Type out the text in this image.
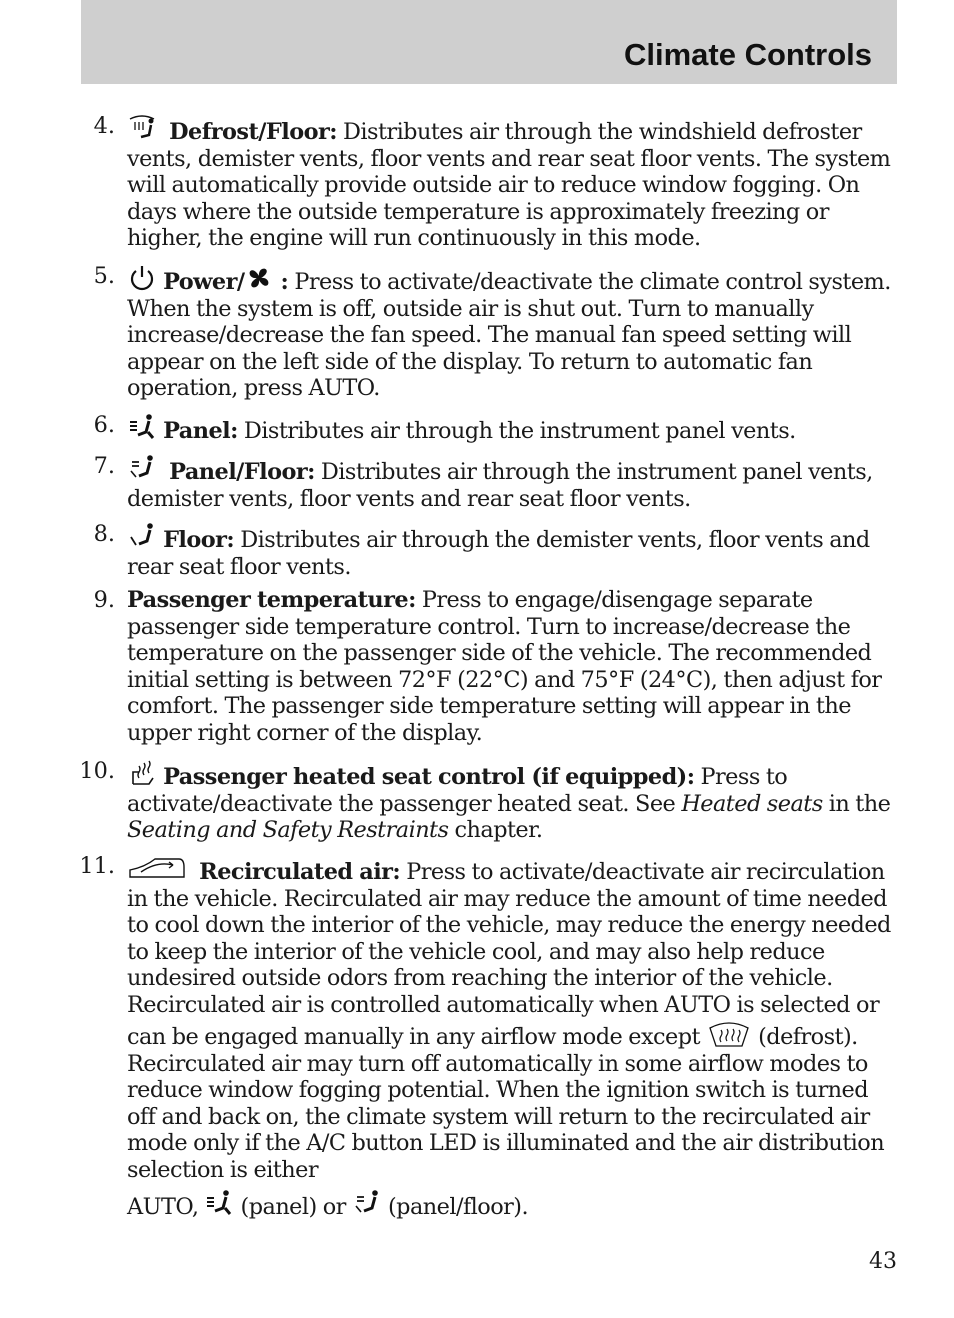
Climate Controls
4.	Defrost/Floor: Distributes air through the windshield defroster vents, demister vents, floor vents and rear seat floor vents. The system will automatically provide outside air to reduce window fogging. On days where the outside temperature is approximately freezing or higher, the engine will run continuously in this mode.

5.	Power/ : Press to activate/deactivate the climate control system. When the system is off, outside air is shut out. Turn to manually increase/decrease the fan speed. The manual fan speed setting will appear on the left side of the display. To return to automatic fan operation, press AUTO.

6.	Panel: Distributes air through the instrument panel vents.

7.	Panel/Floor: Distributes air through the instrument panel vents, demister vents, floor vents and rear seat floor vents.

8.	Floor: Distributes air through the demister vents, floor vents and rear seat floor vents.

9. Passenger temperature: Press to engage/disengage separate passenger side temperature control. Turn to increase/decrease the temperature on the passenger side of the vehicle. The recommended initial setting is between 72°F (22°C) and 75°F (24°C), then adjust for comfort. The passenger side temperature setting will appear in the upper right corner of the display.

10.	Passenger heated seat control (if equipped): Press to activate/deactivate the passenger heated seat. See Heated seats in the Seating and Safety Restraints chapter.

11.	Recirculated air: Press to activate/deactivate air recirculation in the vehicle. Recirculated air may reduce the amount of time needed to cool down the interior of the vehicle, may reduce the energy needed to keep the interior of the vehicle cool, and may also help reduce undesired outside odors from reaching the interior of the vehicle. Recirculated air is controlled automatically when AUTO is selected or can be engaged manually in any airflow mode except	(defrost). Recirculated air may turn off automatically in some airflow modes to reduce window fogging potential. When the ignition switch is turned off and back on, the climate system will return to the recirculated air mode only if the A/C button LED is illuminated and the air distribution selection is either

AUTO, (panel) or (panel/floor).

43
